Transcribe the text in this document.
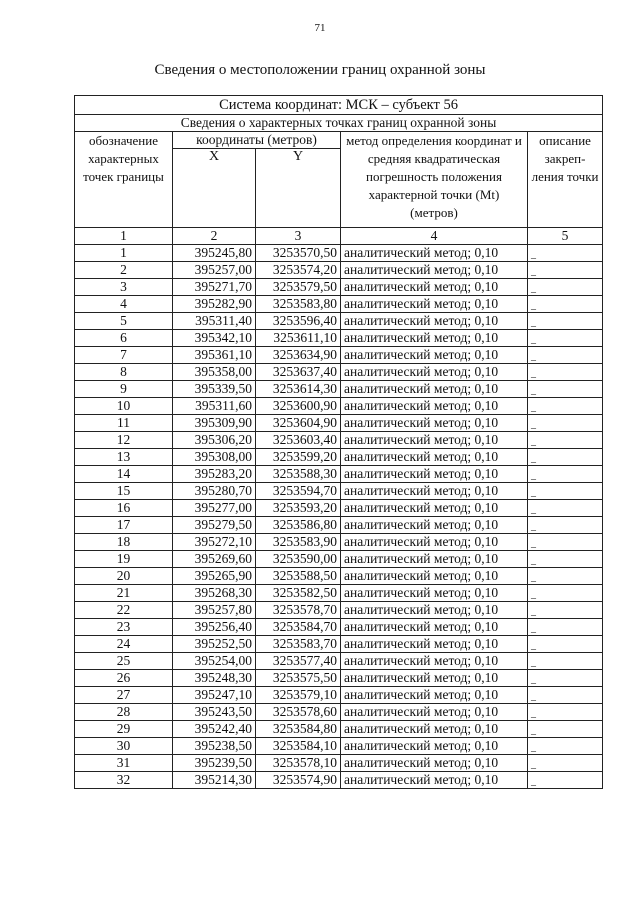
71
Сведения о местоположении границ охранной зоны
Система координат: МСК – субъект 56				
Сведения о характерных точках границ охранной зоны				
обозначение характерных точек границы	координаты (метров)		метод определения координат и средняя квадратическая погрешность положения характерной точки (Mt) (метров)	описание закреп-ления точки
	X	Y		
1	2	3	4	5
1	395245,80	3253570,50	аналитический метод; 0,10	_
2	395257,00	3253574,20	аналитический метод; 0,10	_
3	395271,70	3253579,50	аналитический метод; 0,10	_
4	395282,90	3253583,80	аналитический метод; 0,10	_
5	395311,40	3253596,40	аналитический метод; 0,10	_
6	395342,10	3253611,10	аналитический метод; 0,10	_
7	395361,10	3253634,90	аналитический метод; 0,10	_
8	395358,00	3253637,40	аналитический метод; 0,10	_
9	395339,50	3253614,30	аналитический метод; 0,10	_
10	395311,60	3253600,90	аналитический метод; 0,10	_
11	395309,90	3253604,90	аналитический метод; 0,10	_
12	395306,20	3253603,40	аналитический метод; 0,10	_
13	395308,00	3253599,20	аналитический метод; 0,10	_
14	395283,20	3253588,30	аналитический метод; 0,10	_
15	395280,70	3253594,70	аналитический метод; 0,10	_
16	395277,00	3253593,20	аналитический метод; 0,10	_
17	395279,50	3253586,80	аналитический метод; 0,10	_
18	395272,10	3253583,90	аналитический метод; 0,10	_
19	395269,60	3253590,00	аналитический метод; 0,10	_
20	395265,90	3253588,50	аналитический метод; 0,10	_
21	395268,30	3253582,50	аналитический метод; 0,10	_
22	395257,80	3253578,70	аналитический метод; 0,10	_
23	395256,40	3253584,70	аналитический метод; 0,10	_
24	395252,50	3253583,70	аналитический метод; 0,10	_
25	395254,00	3253577,40	аналитический метод; 0,10	_
26	395248,30	3253575,50	аналитический метод; 0,10	_
27	395247,10	3253579,10	аналитический метод; 0,10	_
28	395243,50	3253578,60	аналитический метод; 0,10	_
29	395242,40	3253584,80	аналитический метод; 0,10	_
30	395238,50	3253584,10	аналитический метод; 0,10	_
31	395239,50	3253578,10	аналитический метод; 0,10	_
32	395214,30	3253574,90	аналитический метод; 0,10	_
